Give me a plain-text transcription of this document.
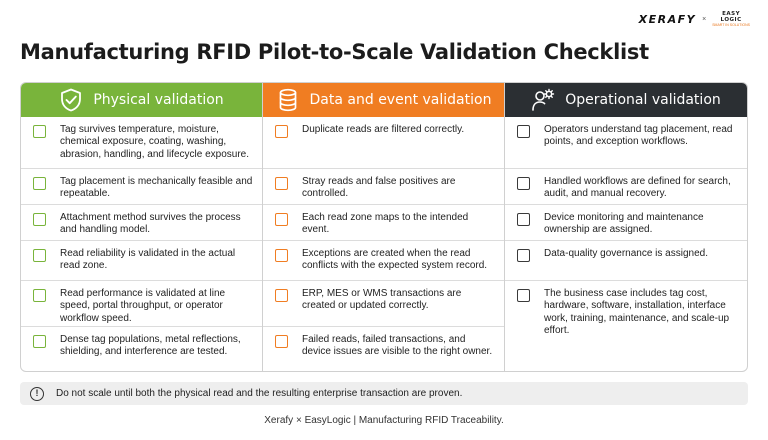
XERAFY ×
EASY
LOGIC
SMART IN SOLUTIONS
Manufacturing RFID Pilot-to-Scale Validation Checklist
Physical validation
Tag survives temperature, moisture, chemical exposure, coating, washing, abrasion, handling, and lifecycle exposure.
Tag placement is mechanically feasible and repeatable.
Attachment method survives the process and handling model.
Read reliability is validated in the actual read zone.
Read performance is validated at line speed, portal throughput, or operator workflow speed.
Dense tag populations, metal reflections, shielding, and interference are tested.
Data and event validation
Duplicate reads are filtered correctly.
Stray reads and false positives are controlled.
Each read zone maps to the intended event.
Exceptions are created when the read conflicts with the expected system record.
ERP, MES or WMS transactions are created or updated correctly.
Failed reads, failed transactions, and device issues are visible to the right owner.
Operational validation
Operators understand tag placement, read points, and exception workflows.
Handled workflows are defined for search, audit, and manual recovery.
Device monitoring and maintenance ownership are assigned.
Data-quality governance is assigned.
The business case includes tag cost, hardware, software, installation, interface work, training, maintenance, and scale-up effort.
!	Do not scale until both the physical read and the resulting enterprise transaction are proven.
Xerafy × EasyLogic | Manufacturing RFID Traceability.
